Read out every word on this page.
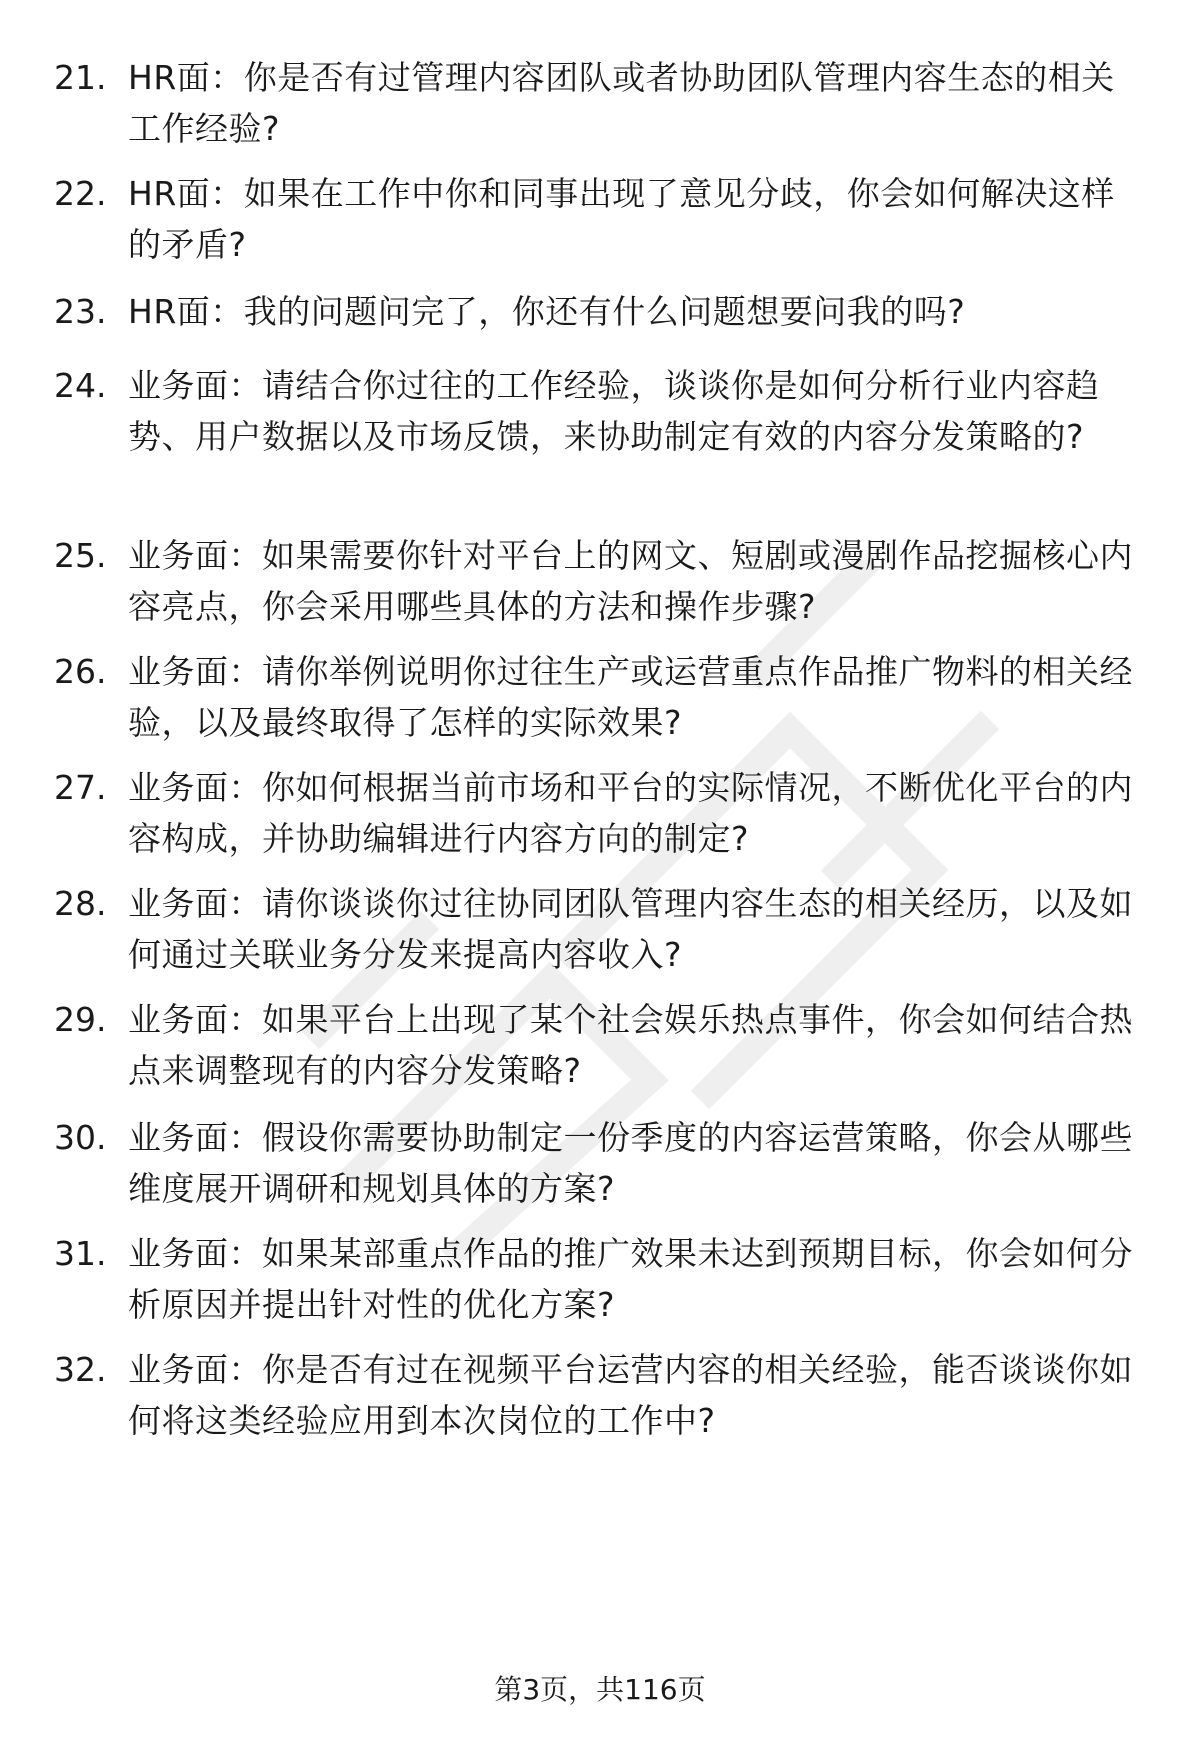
21. HR面：你是否有过管理内容团队或者协助团队管理内容生态的相关工作经验?
22. HR面：如果在工作中你和同事出现了意见分歧，你会如何解决这样的矛盾?
23. HR面：我的问题问完了，你还有什么问题想要问我的吗?
24. 业务面：请结合你过往的工作经验，谈谈你是如何分析行业内容趋势、用户数据以及市场反馈，来协助制定有效的内容分发策略的?
25. 业务面：如果需要你针对平台上的网文、短剧或漫剧作品挖掘核心内容亮点，你会采用哪些具体的方法和操作步骤?
26. 业务面：请你举例说明你过往生产或运营重点作品推广物料的相关经验，以及最终取得了怎样的实际效果?
27. 业务面：你如何根据当前市场和平台的实际情况，不断优化平台的内容构成，并协助编辑进行内容方向的制定?
28. 业务面：请你谈谈你过往协同团队管理内容生态的相关经历，以及如何通过关联业务分发来提高内容收入?
29. 业务面：如果平台上出现了某个社会娱乐热点事件，你会如何结合热点来调整现有的内容分发策略?
30. 业务面：假设你需要协助制定一份季度的内容运营策略，你会从哪些维度展开调研和规划具体的方案?
31. 业务面：如果某部重点作品的推广效果未达到预期目标，你会如何分析原因并提出针对性的优化方案?
32. 业务面：你是否有过在视频平台运营内容的相关经验，能否谈谈你如何将这类经验应用到本次岗位的工作中?
第3页，共116页
